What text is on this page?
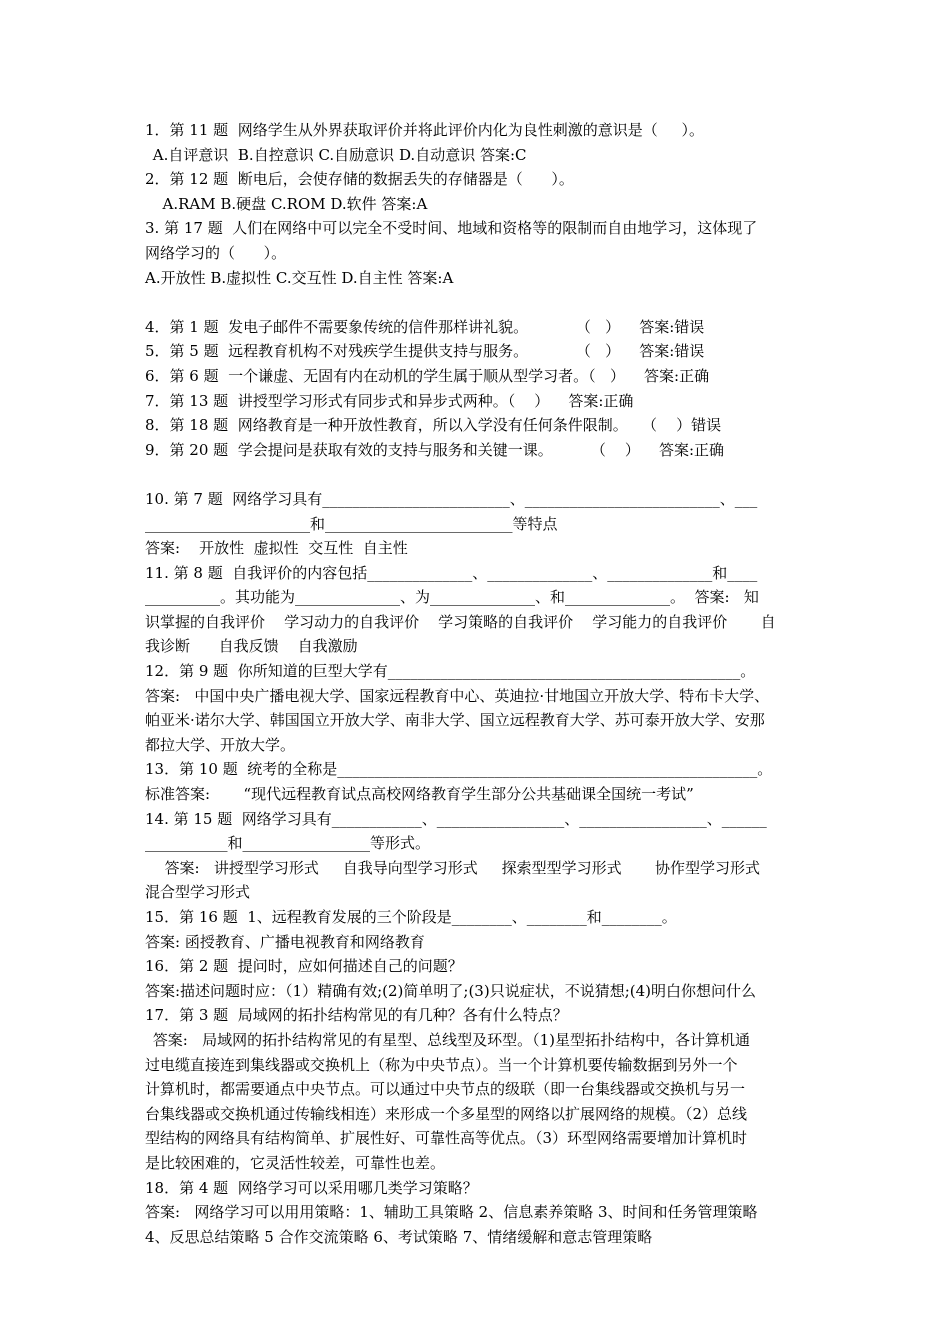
1．第 11 题  网络学生从外界获取评价并将此评价内化为良性刺激的意识是（     ）。
A.自评意识  B.自控意识 C.自励意识 D.自动意识 答案:C
2．第 12 题  断电后，会使存储的数据丢失的存储器是（      ）。
A.RAM B.硬盘 C.ROM D.软件 答案:A
3. 第 17 题  人们在网络中可以完全不受时间、地域和资格等的限制而自由地学习，这体现了
网络学习的（      ）。
A.开放性 B.虚拟性 C.交互性 D.自主性 答案:A
4．第 1 题  发电子邮件不需要象传统的信件那样讲礼貌。          （   ）    答案:错误
5．第 5 题  远程教育机构不对残疾学生提供支持与服务。          （   ）    答案:错误
6．第 6 题  一个谦虚、无固有内在动机的学生属于顺从型学习者。（   ）    答案:正确
7．第 13 题  讲授型学习形式有同步式和异步式两种。（    ）    答案:正确
8．第 18 题  网络教育是一种开放性教育，所以入学没有任何条件限制。   （    ）错误
9．第 20 题  学会提问是获取有效的支持与服务和关键一课。        （    ）    答案:正确
10. 第 7 题  网络学习具有_________________________、__________________________、___
______________________和_________________________等特点
答案:    开放性  虚拟性  交互性  自主性
11. 第 8 题  自我评价的内容包括______________、______________、______________和____
__________。其功能为______________、为______________、和______________。  答案:   知
识掌握的自我评价    学习动力的自我评价    学习策略的自我评价    学习能力的自我评价       自
我诊断      自我反馈    自我激励
12．第 9 题  你所知道的巨型大学有_______________________________________________。
答案:   中国中央广播电视大学、国家远程教育中心、英迪拉·甘地国立开放大学、特布卡大学、
帕亚米·诺尔大学、韩国国立开放大学、南非大学、国立远程教育大学、苏可泰开放大学、安那
都拉大学、开放大学。
13．第 10 题  统考的全称是________________________________________________________。
标准答案:       “现代远程教育试点高校网络教育学生部分公共基础课全国统一考试”
14. 第 15 题  网络学习具有____________、_________________、_________________、______
___________和_________________等形式。
答案:   讲授型学习形式     自我导向型学习形式     探索型型学习形式       协作型学习形式
混合型学习形式
15．第 16 题  1、远程教育发展的三个阶段是________、________和________。
答案: 函授教育、广播电视教育和网络教育
16．第 2 题  提问时，应如何描述自己的问题？
答案:描述问题时应：（1）精确有效;(2)简单明了;(3)只说症状，不说猜想;(4)明白你想问什么
17．第 3 题  局域网的拓扑结构常见的有几种？各有什么特点？
答案:   局域网的拓扑结构常见的有星型、总线型及环型。（1)星型拓扑结构中，各计算机通
过电缆直接连到集线器或交换机上（称为中央节点）。当一个计算机要传输数据到另外一个
计算机时，都需要通点中央节点。可以通过中央节点的级联（即一台集线器或交换机与另一
台集线器或交换机通过传输线相连）来形成一个多星型的网络以扩展网络的规模。（2）总线
型结构的网络具有结构简单、扩展性好、可靠性高等优点。（3）环型网络需要增加计算机时
是比较困难的，它灵活性较差，可靠性也差。
18．第 4 题  网络学习可以采用哪几类学习策略？
答案:   网络学习可以用用策略：1、辅助工具策略 2、信息素养策略 3、时间和任务管理策略
4、反思总结策略 5 合作交流策略 6、考试策略 7、情绪缓解和意志管理策略
